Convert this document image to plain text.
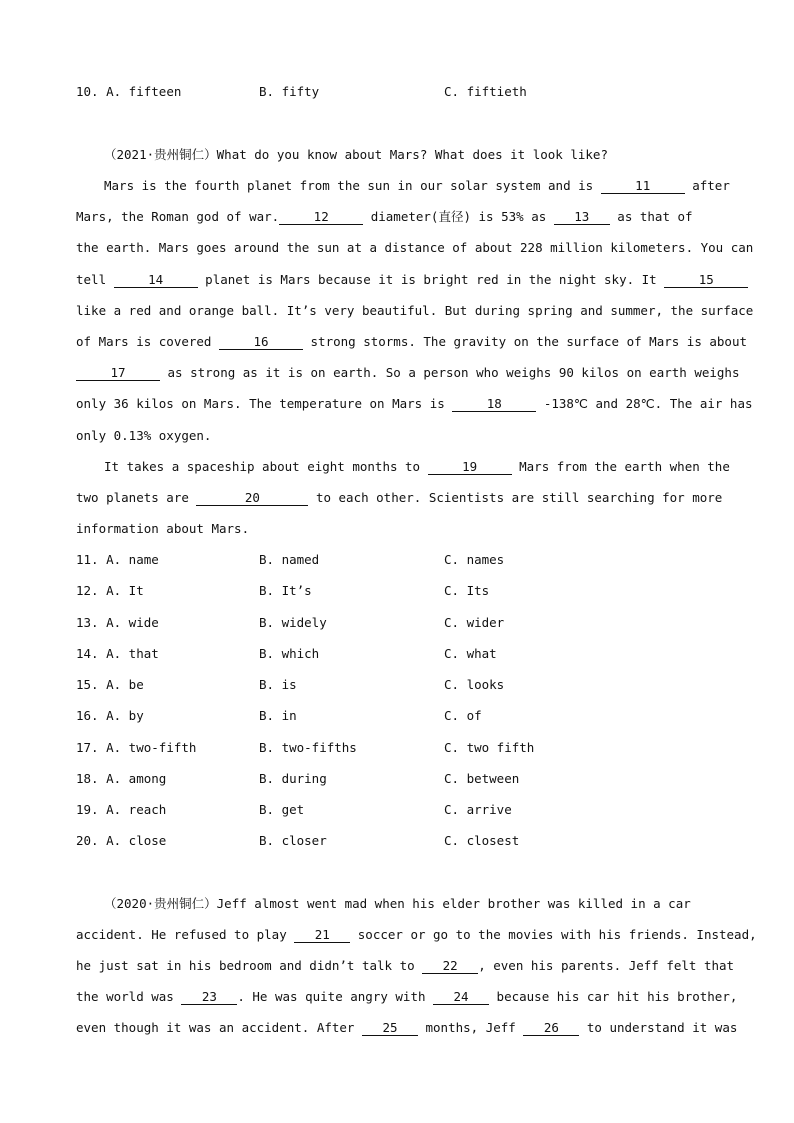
10. A. fifteen	B. fifty	C. fiftieth
（2021·贵州铜仁）What do you know about Mars? What does it look like?
Mars is the fourth planet from the sun in our solar system and is	11	after
Mars, the Roman god of war.	12	diameter(直径) is 53% as 13 as that of
the earth. Mars goes around the sun at a distance of about 228 million kilometers. You can
tell	14	planet is Mars because it is bright red in the night sky. It	15
like a red and orange ball. It’s very beautiful. But during spring and summer, the surface
of Mars is covered	16	strong storms. The gravity on the surface of Mars is about
17	as strong as it is on earth. So a person who weighs 90 kilos on earth weighs
only 36 kilos on Mars. The temperature on Mars is	18	-138℃ and 28℃. The air has
only 0.13% oxygen.
It takes a spaceship about eight months to	19	Mars from the earth when the
two planets are	20	to each other. Scientists are still searching for more
information about Mars.
11. A. name	B. named	C. names
12. A. It	B. It’s	C. Its
13. A. wide	B. widely	C. wider
14. A. that	B. which	C. what
15. A. be	B. is	C. looks
16. A. by	B. in	C. of
17. A. two-fifth	B. two-fifths	C. two fifth
18. A. among	B. during	C. between
19. A. reach	B. get	C. arrive
20. A. close	B. closer	C. closest
（2020·贵州铜仁）Jeff almost went mad when his elder brother was killed in a car
accident. He refused to play 21 soccer or go to the movies with his friends. Instead,
he just sat in his bedroom and didn’t talk to 22 , even his parents. Jeff felt that
the world was 23 . He was quite angry with 24 because his car hit his brother,
even though it was an accident. After 25 months, Jeff 26 to understand it was
